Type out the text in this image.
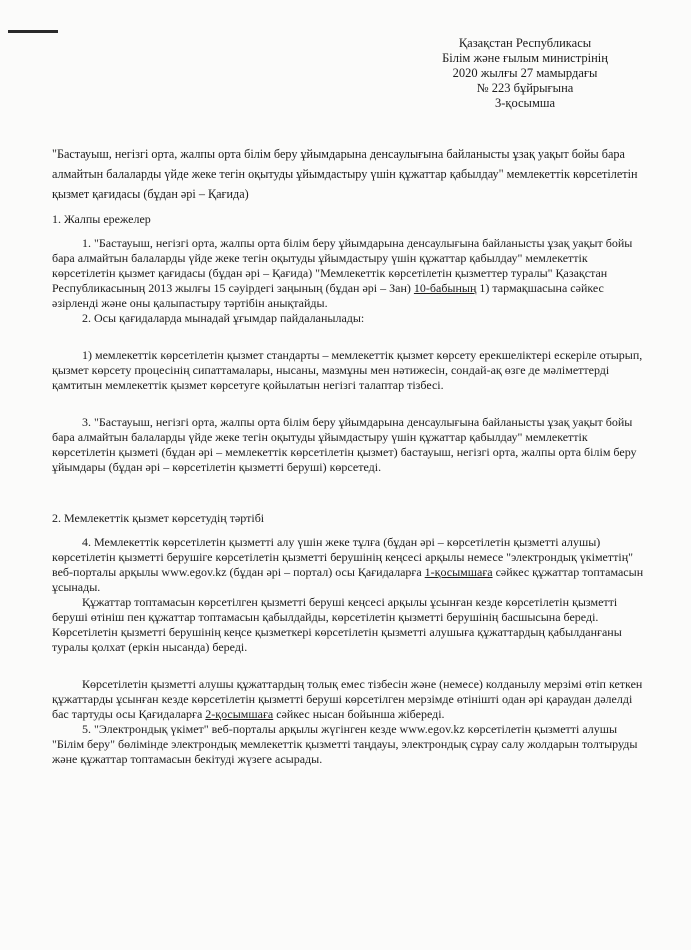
Қазақстан Республикасы
Білім және ғылым министрінің
2020 жылғы 27 мамырдағы
№ 223 бұйрығына
3-қосымша
"Бастауыш, негізгі орта, жалпы орта білім беру ұйымдарына денсаулығына байланысты ұзақ уақыт бойы бара алмайтын балаларды үйде жеке тегін оқытуды ұйымдастыру үшін құжаттар қабылдау" мемлекеттік көрсетілетін қызмет қағидасы (бұдан әрі – Қағида)

1. Жалпы ережелер

1. "Бастауыш, негізгі орта, жалпы орта білім беру ұйымдарына денсаулығына байланысты ұзақ уақыт бойы бара алмайтын балаларды үйде жеке тегін оқытуды ұйымдастыру үшін құжаттар қабылдау" мемлекеттік көрсетілетін қызмет қағидасы (бұдан әрі – Қағида) "Мемлекеттік көрсетілетін қызметтер туралы" Қазақстан Республикасының 2013 жылғы 15 сәуірдегі заңының (бұдан әрі – Зан) 10-бабының 1) тармақшасына сәйкес әзірленді және оны қалыпастыру тәртібін анықтайды.

2. Осы қағидаларда мынадай ұғымдар пайдаланылады:

1) мемлекеттік көрсетілетін қызмет стандарты – мемлекеттік қызмет көрсету ерекшеліктері ескеріле отырып, қызмет көрсету процесінің сипаттамалары, нысаны, мазмұны мен нәтижесін, сондай-ақ өзге де мәліметтерді қамтитын мемлекеттік қызмет көрсетуге қойылатын негізгі талаптар тізбесі.

3. "Бастауыш, негізгі орта, жалпы орта білім беру ұйымдарына денсаулығына байланысты ұзақ уақыт бойы бара алмайтын балаларды үйде жеке тегін оқытуды ұйымдастыру үшін құжаттар қабылдау" мемлекеттік көрсетілетін қызметі (бұдан әрі – мемлекеттік көрсетілетін қызмет) бастауыш, негізгі орта, жалпы орта білім беру ұйымдары (бұдан әрі – көрсетілетін қызметті беруші) көрсетеді.

2. Мемлекеттік қызмет көрсетудің тәртібі

4. Мемлекеттік көрсетілетін қызметті алу үшін жеке тұлға (бұдан әрі – көрсетілетін қызметті алушы) көрсетілетін қызметті берушіге көрсетілетін қызметті берушінің кеңсесі арқылы немесе "электрондық үкіметтің" веб-порталы арқылы www.egov.kz (бұдан әрі – портал) осы Қағидаларға 1-қосымшаға сәйкес құжаттар топтамасын ұсынады.

Құжаттар топтамасын көрсетілген қызметті беруші кеңсесі арқылы ұсынған кезде көрсетілетін қызметті беруші өтініш пен құжаттар топтамасын қабылдайды, көрсетілетін қызметті берушінің басшысына береді. Көрсетілетін қызметті берушінің кеңсе қызметкері көрсетілетін қызметті алушыға құжаттардың қабылданғаны туралы қолхат (еркін нысанда) береді.

Көрсетілетін қызметті алушы құжаттардың толық емес тізбесін және (немесе) колданылу мерзімі өтіп кеткен құжаттарды ұсынған кезде көрсетілетін қызметті беруші көрсетілген мерзімде өтінішті одан әрі қараудан дәлелді бас тартуды осы Қағидаларға 2-қосымшаға сәйкес нысан бойынша жібереді.

5. "Электрондық үкімет" веб-порталы арқылы жүгінген кезде www.egov.kz көрсетілетін қызметті алушы "Білім беру" бөлімінде электрондық мемлекеттік қызметті таңдауы, электрондық сұрау салу жолдарын толтыруды және құжаттар топтамасын бекітуді жүзеге асырады.
